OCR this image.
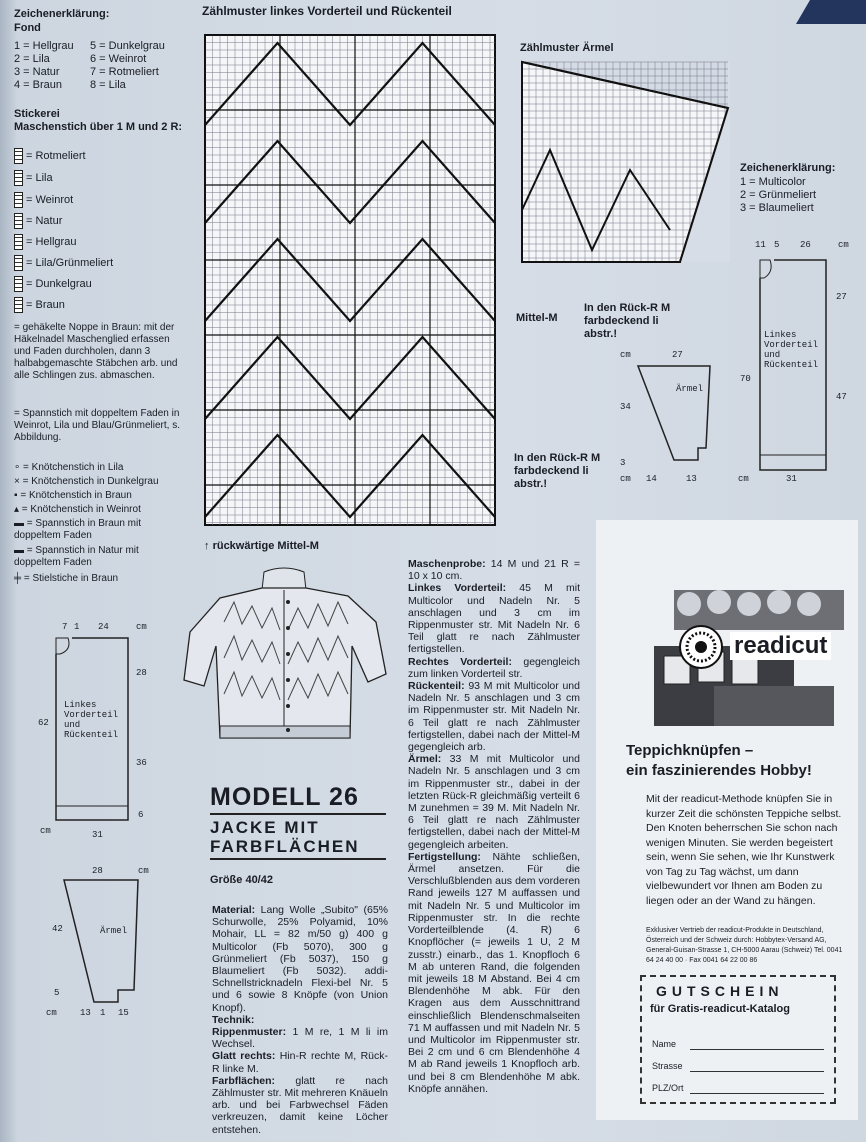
Zeichenerklärung:
Fond
1 = Hellgrau
2 = Lila
3 = Natur
4 = Braun
5 = Dunkelgrau
6 = Weinrot
7 = Rotmeliert
8 = Lila
Stickerei
Maschenstich über 1 M und 2 R:
= Rotmeliert
= Lila
= Weinrot
= Natur
= Hellgrau
= Lila/Grünmeliert
= Dunkelgrau
= Braun
= gehäkelte Noppe in Braun: mit der Häkelnadel Maschenglied erfassen und Faden durchholen, dann 3 halbabgemaschte Stäbchen arb. und alle Schlingen zus. abmaschen.
= Spannstich mit doppeltem Faden in Weinrot, Lila und Blau/Grünmeliert, s. Abbildung.
∘ = Knötchenstich in Lila
× = Knötchenstich in Dunkelgrau
▪ = Knötchenstich in Braun
▴ = Knötchenstich in Weinrot
▬ = Spannstich in Braun mit doppeltem Faden
▬ = Spannstich in Natur mit doppeltem Faden
╪ = Stielstiche in Braun
Zählmuster linkes Vorderteil und Rückenteil
↑ rückwärtige Mittel-M
Zählmuster Ärmel
Mittel-M
In den Rück-R M farbdeckend li abstr.!
In den Rück-R M farbdeckend li abstr.!
Zeichenerklärung:
1 = Multicolor
2 = Grünmeliert
3 = Blaumeliert
Linkes Vorderteil und Rückenteil
11 5 26	cm
27
47
70
31
cm
Ärmel
27
34
14	13
3
cm
cm
Linkes Vorderteil und Rückenteil
7 1 24	cm
28
36
62
6
31
cm
Ärmel
28
42
13 1 15
5
cm
cm
MODELL 26
JACKE MIT
FARBFLÄCHEN
Größe 40/42

Material: Lang Wolle „Subito" (65% Schurwolle, 25% Polyamid, 10% Mohair, LL = 82 m/50 g) 400 g Multicolor (Fb 5070), 300 g Grünmeliert (Fb 5037), 150 g Blaumeliert (Fb 5032). addi-Schnellstricknadeln Flexi-bel Nr. 5 und 6 sowie 8 Knöpfe (von Union Knopf).

Technik:

Rippenmuster: 1 M re, 1 M li im Wechsel.

Glatt rechts: Hin-R rechte M, Rück-R linke M.

Farbflächen: glatt re nach Zählmuster str. Mit mehreren Knäueln arb. und bei Farbwechsel Fäden verkreuzen, damit keine Löcher entstehen.

Maschenprobe: 14 M und 21 R = 10 x 10 cm.

Linkes Vorderteil: 45 M mit Multicolor und Nadeln Nr. 5 anschlagen und 3 cm im Rippenmuster str. Mit Nadeln Nr. 6 Teil glatt re nach Zählmuster fertigstellen.

Rechtes Vorderteil: gegengleich zum linken Vorderteil str.

Rückenteil: 93 M mit Multicolor und Nadeln Nr. 5 anschlagen und 3 cm im Rippenmuster str. Mit Nadeln Nr. 6 Teil glatt re nach Zählmuster fertigstellen, dabei nach der Mittel-M gegengleich arb.

Ärmel: 33 M mit Multicolor und Nadeln Nr. 5 anschlagen und 3 cm im Rippenmuster str., dabei in der letzten Rück-R gleichmäßig verteilt 6 M zunehmen = 39 M. Mit Nadeln Nr. 6 Teil glatt re nach Zählmuster fertigstellen, dabei nach der Mittel-M gegengleich arbeiten.

Fertigstellung: Nähte schließen, Ärmel ansetzen. Für die Verschlußblenden aus dem vorderen Rand jeweils 127 M auffassen und mit Nadeln Nr. 5 und Multicolor im Rippenmuster str. In die rechte Vorderteilblende (4. R) 6 Knopflöcher (= jeweils 1 U, 2 M zusstr.) einarb., das 1. Knopfloch 6 M ab unteren Rand, die folgenden mit jeweils 18 M Abstand. Bei 4 cm Blendenhöhe M abk. Für den Kragen aus dem Ausschnittrand einschließlich Blendenschmalseiten 71 M auffassen und mit Nadeln Nr. 5 und Multicolor im Rippenmuster str. Bei 2 cm und 6 cm Blendenhöhe 4 M ab Rand jeweils 1 Knopfloch arb. und bei 8 cm Blendenhöhe M abk. Knöpfe annähen.

readicut
Teppichknüpfen –
ein faszinierendes Hobby!
Mit der readicut-Methode knüpfen Sie in kurzer Zeit die schönsten Teppiche selbst. Den Knoten beherrschen Sie schon nach wenigen Minuten. Sie werden begeistert sein, wenn Sie sehen, wie Ihr Kunstwerk von Tag zu Tag wächst, um dann vielbewundert vor Ihnen am Boden zu liegen oder an der Wand zu hängen.
Exklusiver Vertrieb der readicut-Produkte in Deutschland, Österreich und der Schweiz durch: Hobbytex-Versand AG, General-Guisan-Strasse 1, CH-5000 Aarau (Schweiz) Tel. 0041 64 24 40 00 · Fax 0041 64 22 00 86
GUTSCHEIN
für Gratis-readicut-Katalog
Name
Strasse
PLZ/Ort
